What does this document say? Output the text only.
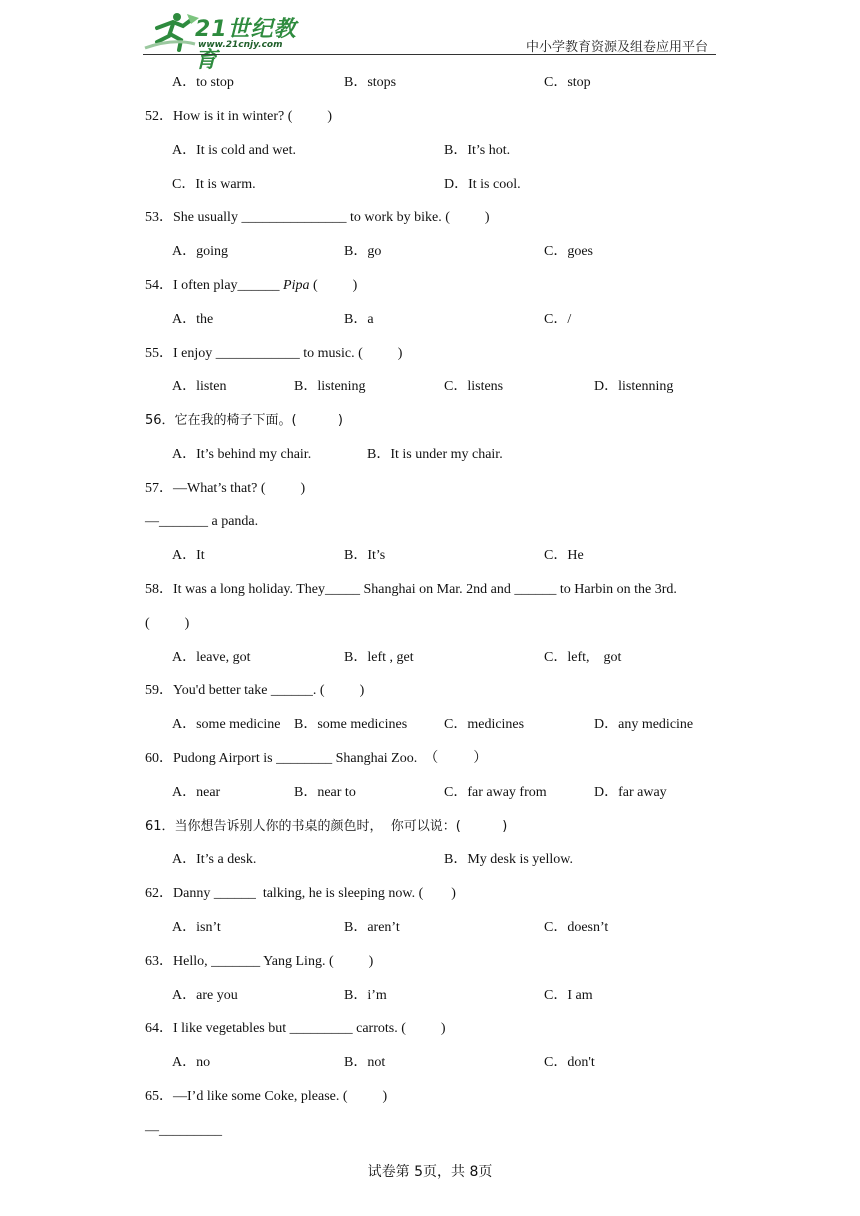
21世纪教育
www.21cnjy.com	中小学教育资源及组卷应用平台
A．to stop	B．stops	C．stop
52．How is it in winter? (          )
A．It is cold and wet.	B．It’s hot.
C．It is warm.	D．It is cool.
53．She usually _______________ to work by bike. (          )
A．going	B．go	C．goes
54．I often play______ Pipa (          )
A．the	B．a	C．/
55．I enjoy ____________ to music. (          )
A．listen	B．listening	C．listens	D．listenning
56．它在我的椅子下面。(          )
A．It’s behind my chair.	B．It is under my chair.
57．—What’s that? (          )
—_______ a panda.
A．It	B．It’s	C．He
58．It was a long holiday. They_____ Shanghai on Mar. 2nd and ______ to Harbin on the 3rd.
(          )
A．leave, got	B．left , get	C．left,    got
59．You'd better take ______. (          )
A．some medicine B．some medicines	C．medicines	D．any medicine
60．Pudong Airport is ________ Shanghai Zoo.  （          ）
A．near	B．near to	C．far away from	D．far away
61．当你想告诉别人你的书桌的颜色时，  你可以说：(          )
A．It’s a desk.	B．My desk is yellow.
62．Danny ______  talking, he is sleeping now. (        )
A．isn’t	B．aren’t	C．doesn’t
63．Hello, _______ Yang Ling. (          )
A．are you	B．i’m	C．I am
64．I like vegetables but _________ carrots. (          )
A．no	B．not	C．don't
65．—I’d like some Coke, please. (          )
—_________
试卷第 5页，共 8页
